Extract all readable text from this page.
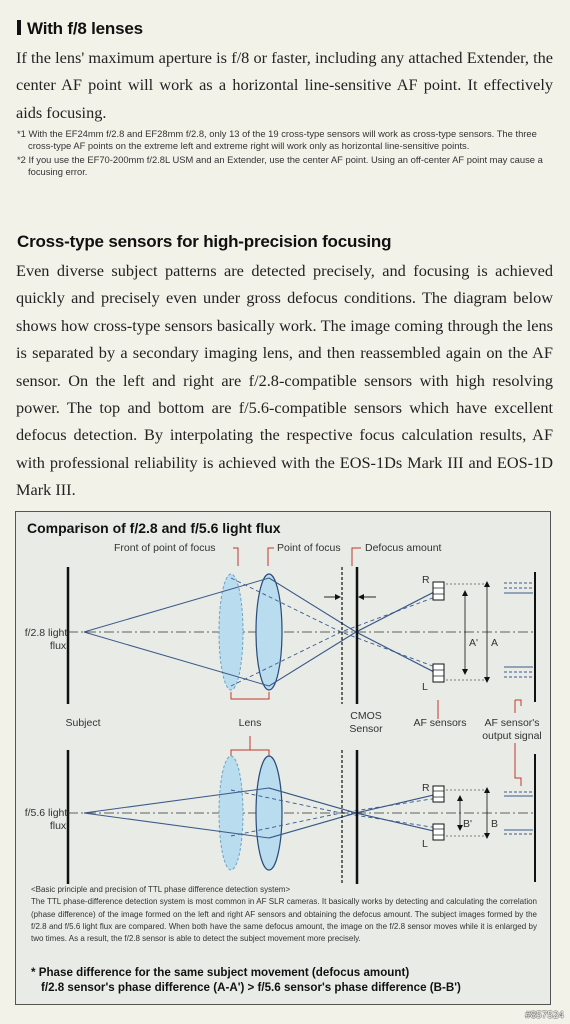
With f/8 lenses
If the lens' maximum aperture is f/8 or faster, including any attached Extender, the center AF point will work as a horizontal line-sensitive AF point. It effectively aids focusing.

*1 With the EF24mm f/2.8 and EF28mm f/2.8, only 13 of the 19 cross-type sensors will work as cross-type sensors. The three cross-type AF points on the extreme left and extreme right will work only as horizontal line-sensitive points.

*2 If you use the EF70-200mm f/2.8L USM and an Extender, use the center AF point. Using an off-center AF point may cause a focusing error.

Cross-type sensors for high-precision focusing
Even diverse subject patterns are detected precisely, and focusing is achieved quickly and precisely even under gross defocus conditions. The diagram below shows how cross-type sensors basically work. The image coming through the lens is separated by a secondary imaging lens, and then reassembled again on the AF sensor. On the left and right are f/2.8-compatible sensors with high resolving power. The top and bottom are f/5.6-compatible sensors which have excellent defocus detection. By interpolating the respective focus calculation results, AF with professional reliability is achieved with the EOS-1Ds Mark III and EOS-1D Mark III.
Comparison of f/2.8 and f/5.6 light flux
Front of point of focus	Point of focus Defocus amount
f/2.8 light
flux
Subject	Lens
CMOS
Sensor	AF sensors AF sensor's
output signal
f/5.6 light
flux
R
L
A' A
R
L
B' B

<Basic principle and precision of TTL phase difference detection system>

The TTL phase-difference detection system is most common in AF SLR cameras. It basically works by detecting and calculating the correlation (phase difference) of the image formed on the left and right AF sensors and obtaining the defocus amount. The subject images formed by the f/2.8 and f/5.6 light flux are compared. When both have the same defocus amount, the image on the f/2.8 sensor moves while it is enlarged by two times. As a result, the f/2.8 sensor is able to detect the subject movement more precisely.

* Phase difference for the same subject movement (defocus amount)

f/2.8 sensor's phase difference (A-A') > f/5.6 sensor's phase difference (B-B')

#857524
